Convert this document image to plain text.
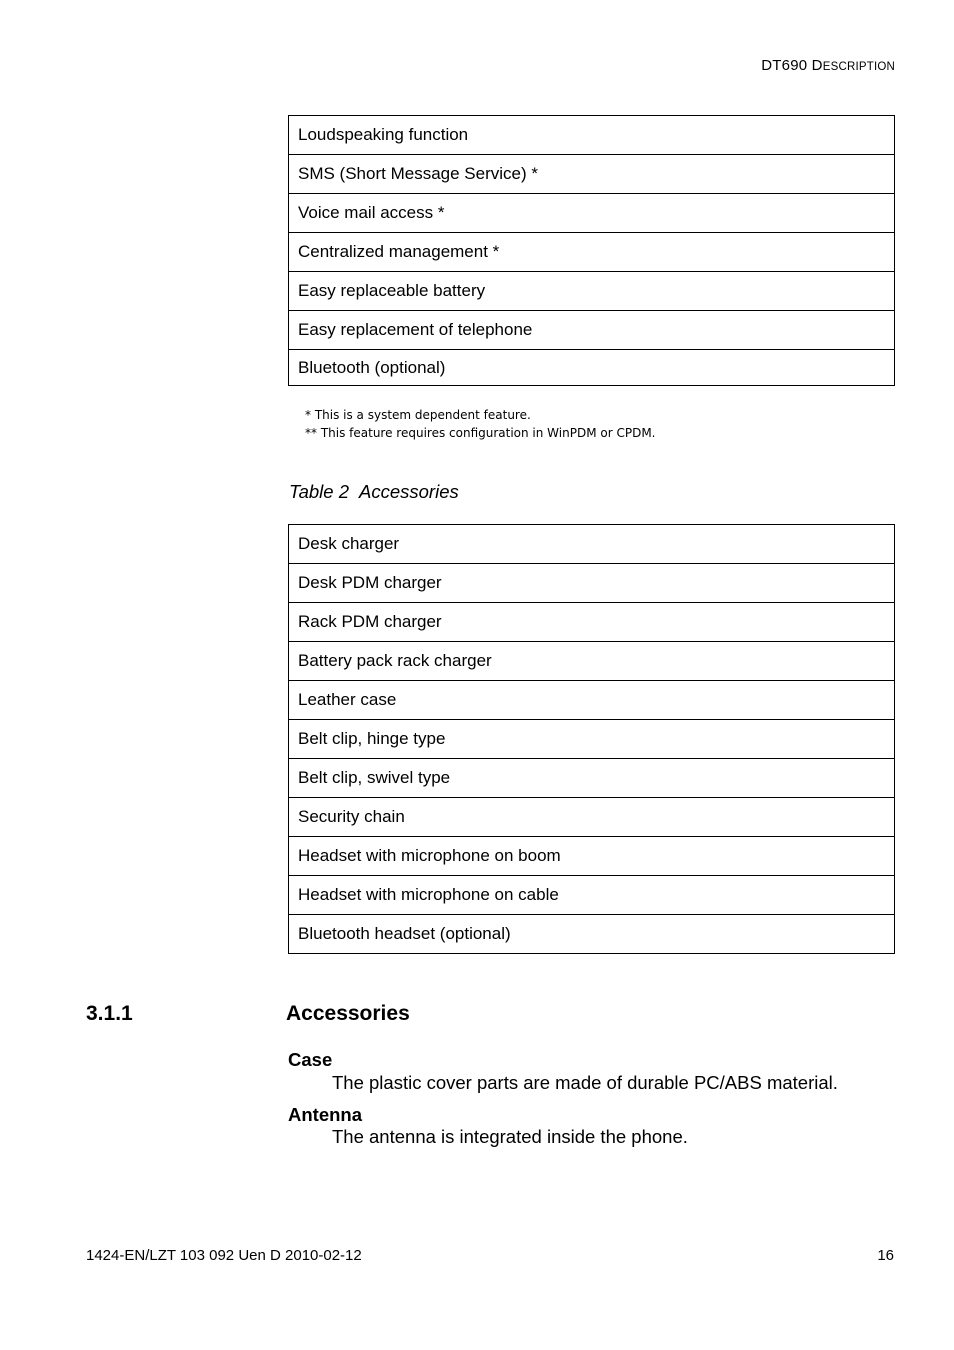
DT690 DESCRIPTION
Loudspeaking function
SMS (Short Message Service) *
Voice mail access *
Centralized management *
Easy replaceable battery
Easy replacement of telephone
Bluetooth (optional)
* This is a system dependent feature.
** This feature requires configuration in WinPDM or CPDM.
Table 2 Accessories
Desk charger
Desk PDM charger
Rack PDM charger
Battery pack rack charger
Leather case
Belt clip, hinge type
Belt clip, swivel type
Security chain
Headset with microphone on boom
Headset with microphone on cable
Bluetooth headset (optional)
3.1.1	Accessories
Case
The plastic cover parts are made of durable PC/ABS material.
Antenna
The antenna is integrated inside the phone.
1424-EN/LZT 103 092 Uen D 2010-02-12	16
